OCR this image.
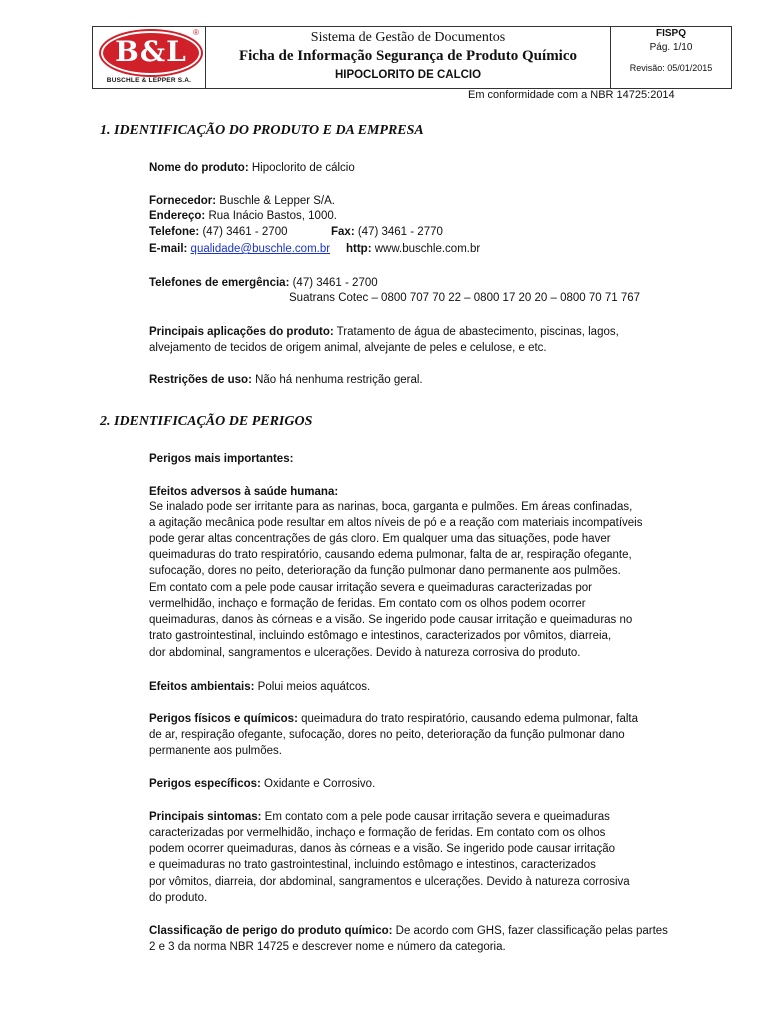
B&L
®
BUSCHLE & LEPPER S.A.
Sistema de Gestão de Documentos
Ficha de Informação Segurança de Produto Químico
HIPOCLORITO DE CALCIO
FISPQ
Pág. 1/10
Revisão: 05/01/2015
Em conformidade com a NBR 14725:2014
1. IDENTIFICAÇÃO DO PRODUTO E DA EMPRESA
Nome do produto: Hipoclorito de cálcio
Fornecedor: Buschle & Lepper S/A.
Endereço: Rua Inácio Bastos, 1000.
Telefone: (47) 3461 - 2700	Fax: (47) 3461 - 2770
E-mail: qualidade@buschle.com.br http: www.buschle.com.br
Telefones de emergência: (47) 3461 - 2700
Suatrans Cotec – 0800 707 70 22 – 0800 17 20 20 – 0800 70 71 767
Principais aplicações do produto: Tratamento de água de abastecimento, piscinas, lagos,
alvejamento de tecidos de origem animal, alvejante de peles e celulose, e etc.
Restrições de uso: Não há nenhuma restrição geral.
2. IDENTIFICAÇÃO DE PERIGOS
Perigos mais importantes:
Efeitos adversos à saúde humana:
Se inalado pode ser irritante para as narinas, boca, garganta e pulmões. Em áreas confinadas,
a agitação mecânica pode resultar em altos níveis de pó e a reação com materiais incompatíveis
pode gerar altas concentrações de gás cloro. Em qualquer uma das situações, pode haver
queimaduras do trato respiratório, causando edema pulmonar, falta de ar, respiração ofegante,
sufocação, dores no peito, deterioração da função pulmonar dano permanente aos pulmões.
Em contato com a pele pode causar irritação severa e queimaduras caracterizadas por
vermelhidão, inchaço e formação de feridas. Em contato com os olhos podem ocorrer
queimaduras, danos às córneas e a visão. Se ingerido pode causar irritação e queimaduras no
trato gastrointestinal, incluindo estômago e intestinos, caracterizados por vômitos, diarreia,
dor abdominal, sangramentos e ulcerações. Devido à natureza corrosiva do produto.
Efeitos ambientais: Polui meios aquátcos.
Perigos físicos e químicos: queimadura do trato respiratório, causando edema pulmonar, falta
de ar, respiração ofegante, sufocação, dores no peito, deterioração da função pulmonar dano
permanente aos pulmões.
Perigos específicos: Oxidante e Corrosivo.
Principais sintomas: Em contato com a pele pode causar irritação severa e queimaduras
caracterizadas por vermelhidão, inchaço e formação de feridas. Em contato com os olhos
podem ocorrer queimaduras, danos às córneas e a visão. Se ingerido pode causar irritação
e queimaduras no trato gastrointestinal, incluindo estômago e intestinos, caracterizados
por vômitos, diarreia, dor abdominal, sangramentos e ulcerações. Devido à natureza corrosiva
do produto.
Classificação de perigo do produto químico: De acordo com GHS, fazer classificação pelas partes
2 e 3 da norma NBR 14725 e descrever nome e número da categoria.
